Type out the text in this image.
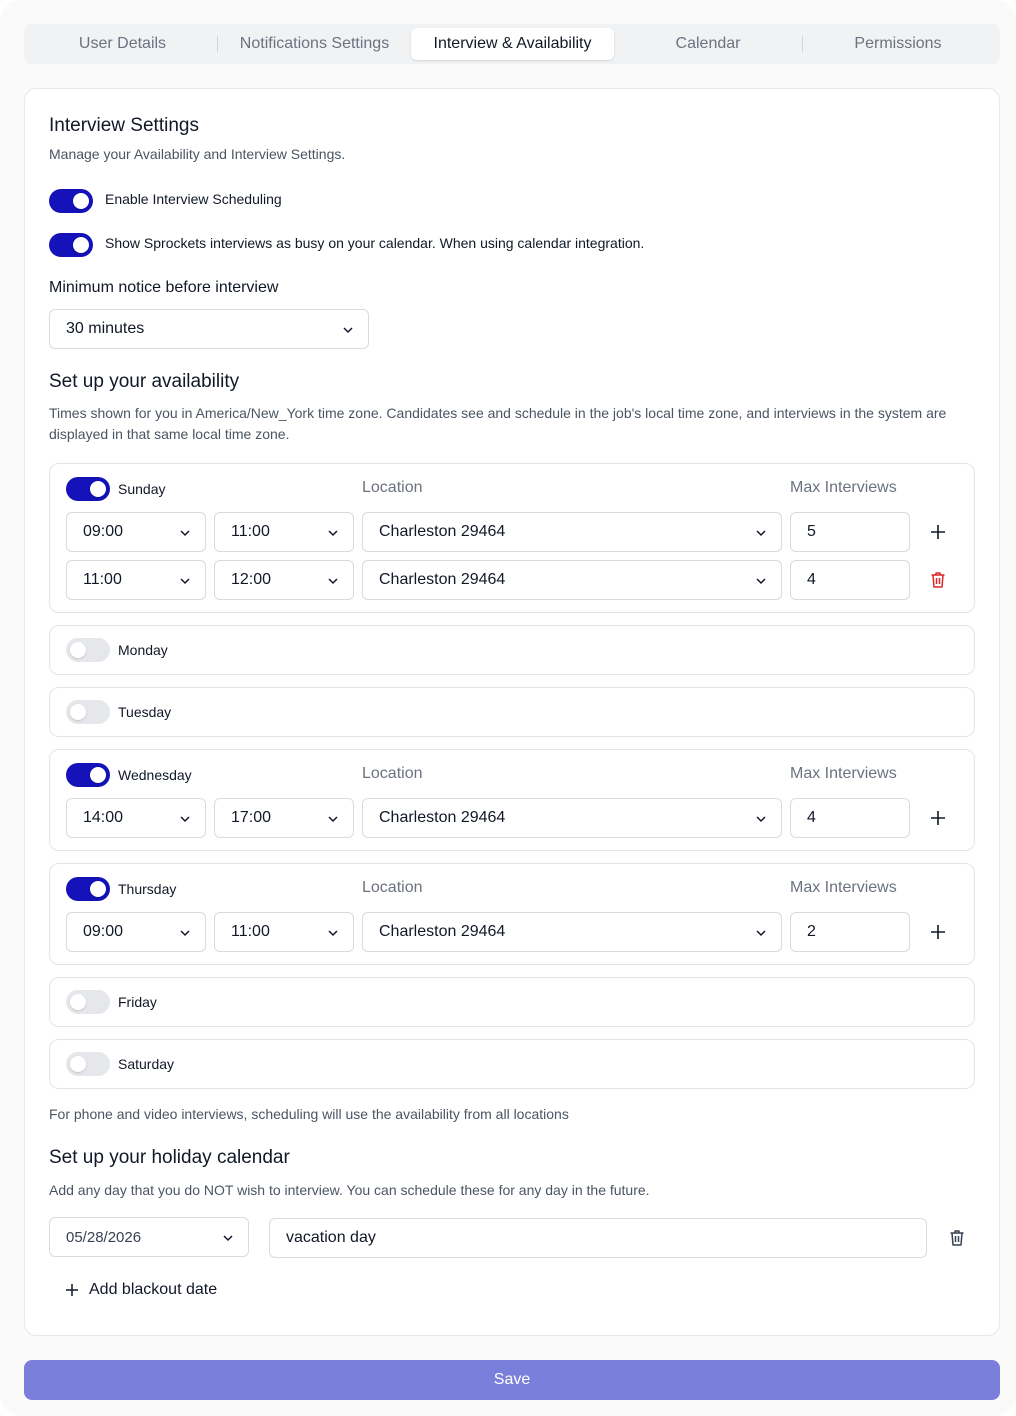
User Details	Notifications Settings	Interview & Availability	Calendar	Permissions
Interview Settings
Manage your Availability and Interview Settings.
Enable Interview Scheduling
Show Sprockets interviews as busy on your calendar. When using calendar integration.
Minimum notice before interview
30 minutes
Set up your availability
Times shown for you in America/New_York time zone. Candidates see and schedule in the job's local time zone, and interviews in the system are displayed in that same local time zone.
Sunday	Location	Max Interviews
09:00	11:00	Charleston 29464	5
11:00	12:00	Charleston 29464	4
Monday
Tuesday
Wednesday	Location	Max Interviews
14:00	17:00	Charleston 29464	4
Thursday	Location	Max Interviews
09:00	11:00	Charleston 29464	2
Friday
Saturday
For phone and video interviews, scheduling will use the availability from all locations
Set up your holiday calendar
Add any day that you do NOT wish to interview. You can schedule these for any day in the future.
05/28/2026	vacation day
Add blackout date
Save
